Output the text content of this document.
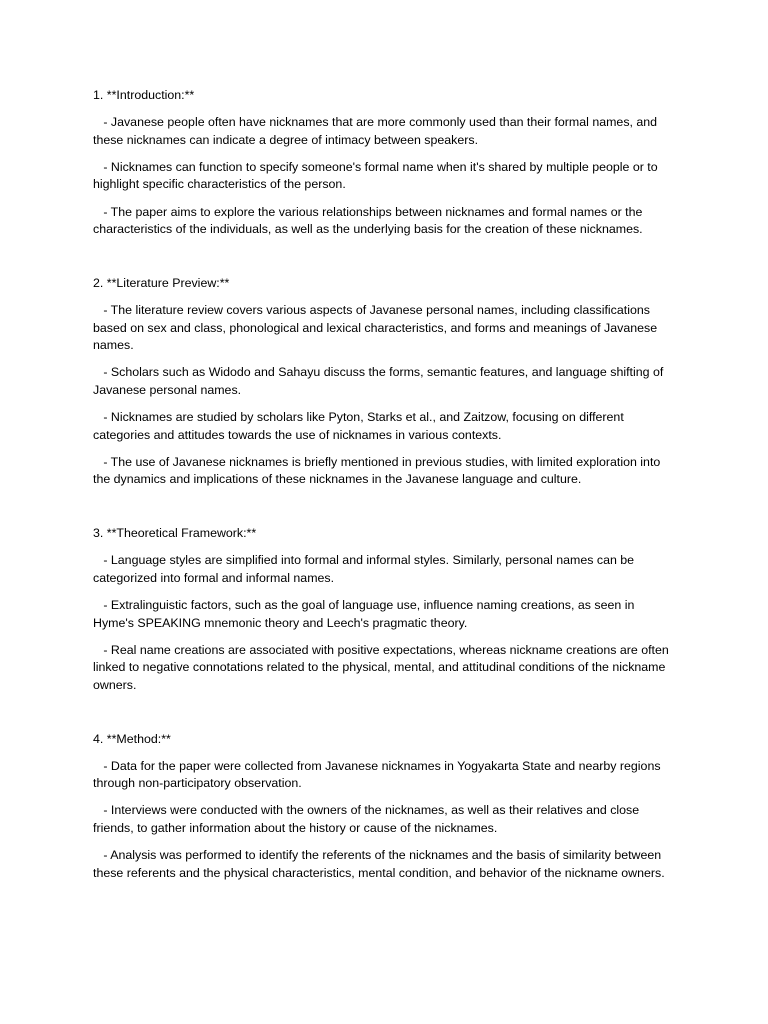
1. **Introduction:**

- Javanese people often have nicknames that are more commonly used than their formal names, and these nicknames can indicate a degree of intimacy between speakers.

- Nicknames can function to specify someone's formal name when it's shared by multiple people or to highlight specific characteristics of the person.

- The paper aims to explore the various relationships between nicknames and formal names or the characteristics of the individuals, as well as the underlying basis for the creation of these nicknames.

2. **Literature Preview:**

- The literature review covers various aspects of Javanese personal names, including classifications based on sex and class, phonological and lexical characteristics, and forms and meanings of Javanese names.

- Scholars such as Widodo and Sahayu discuss the forms, semantic features, and language shifting of Javanese personal names.

- Nicknames are studied by scholars like Pyton, Starks et al., and Zaitzow, focusing on different categories and attitudes towards the use of nicknames in various contexts.

- The use of Javanese nicknames is briefly mentioned in previous studies, with limited exploration into the dynamics and implications of these nicknames in the Javanese language and culture.

3. **Theoretical Framework:**

- Language styles are simplified into formal and informal styles. Similarly, personal names can be categorized into formal and informal names.

- Extralinguistic factors, such as the goal of language use, influence naming creations, as seen in Hyme's SPEAKING mnemonic theory and Leech's pragmatic theory.

- Real name creations are associated with positive expectations, whereas nickname creations are often linked to negative connotations related to the physical, mental, and attitudinal conditions of the nickname owners.

4. **Method:**

- Data for the paper were collected from Javanese nicknames in Yogyakarta State and nearby regions through non-participatory observation.

- Interviews were conducted with the owners of the nicknames, as well as their relatives and close friends, to gather information about the history or cause of the nicknames.

- Analysis was performed to identify the referents of the nicknames and the basis of similarity between these referents and the physical characteristics, mental condition, and behavior of the nickname owners.
